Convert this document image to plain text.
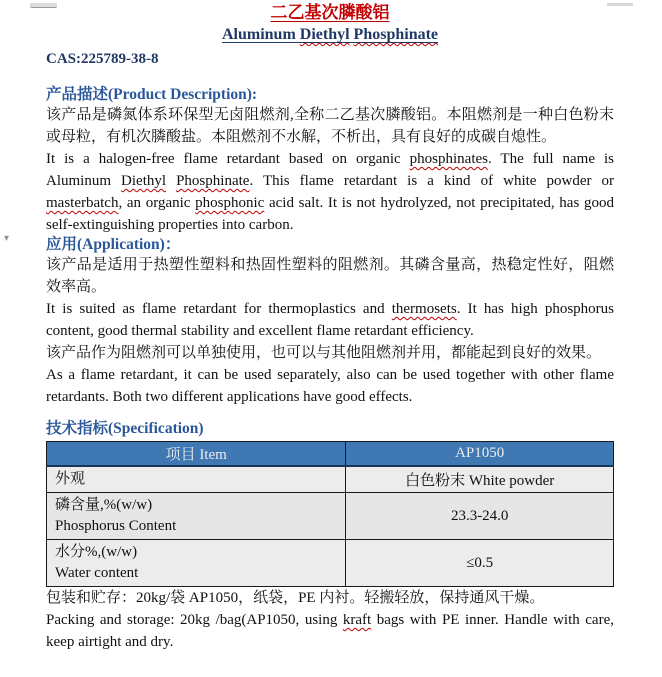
▾
二乙基次膦酸铝
Aluminum Diethyl Phosphinate
CAS:225789-38-8
产品描述(Product Description):

该产品是磷氮体系环保型无卤阻燃剂,全称二乙基次膦酸铝。本阻燃剂是一种白色粉末或母粒，有机次膦酸盐。本阻燃剂不水解，不析出，具有良好的成碳自熄性。

It is a halogen-free flame retardant based on organic phosphinates. The full name is Aluminum Diethyl Phosphinate. This flame retardant is a kind of white powder or masterbatch, an organic phosphonic acid salt. It is not hydrolyzed, not precipitated, has good self-extinguishing properties into carbon.

应用(Application)：

该产品是适用于热塑性塑料和热固性塑料的阻燃剂。其磷含量高，热稳定性好，阻燃效率高。

It is suited as flame retardant for thermoplastics and thermosets. It has high phosphorus content, good thermal stability and excellent flame retardant efficiency.

该产品作为阻燃剂可以单独使用，也可以与其他阻燃剂并用，都能起到良好的效果。

As a flame retardant, it can be used separately, also can be used together with other flame retardants. Both two different applications have good effects.

技术指标(Specification)
项目 Item	AP1050

外观	白色粉末 White powder

磷含量,%(w/w)
Phosphorus Content	23.3-24.0

水分%,(w/w)
Water content	≤0.5

包装和贮存：20kg/袋 AP1050，纸袋，PE 内衬。轻搬轻放，保持通风干燥。

Packing and storage: 20kg /bag(AP1050, using kraft bags with PE inner. Handle with care, keep airtight and dry.
